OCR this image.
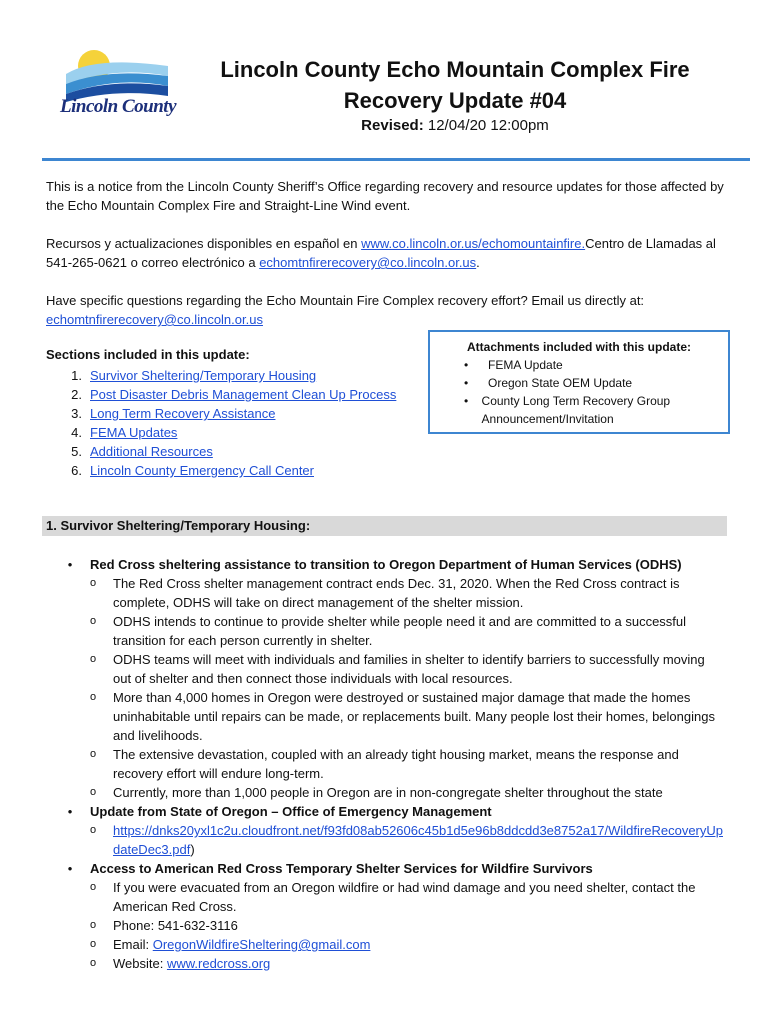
Lincoln County
Lincoln County Echo Mountain Complex Fire
Recovery Update #04
Revised: 12/04/20 12:00pm
This is a notice from the Lincoln County Sheriff’s Office regarding recovery and resource updates for those affected by the Echo Mountain Complex Fire and Straight-Line Wind event.
Recursos y actualizaciones disponibles en español en www.co.lincoln.or.us/echomountainfire.Centro de Llamadas al 541-265-0621 o correo electrónico a echomtnfirerecovery@co.lincoln.or.us.
Have specific questions regarding the Echo Mountain Fire Complex recovery effort? Email us directly at:
echomtnfirerecovery@co.lincoln.or.us
Sections included in this update:
1. Survivor Sheltering/Temporary Housing
2. Post Disaster Debris Management Clean Up Process
3. Long Term Recovery Assistance
4. FEMA Updates
5. Additional Resources
6. Lincoln County Emergency Call Center
Attachments included with this update:
•	FEMA Update
•	Oregon State OEM Update
•	County Long Term Recovery Group Announcement/Invitation
1. Survivor Sheltering/Temporary Housing:
•	Red Cross sheltering assistance to transition to Oregon Department of Human Services (ODHS)
o	The Red Cross shelter management contract ends Dec. 31, 2020. When the Red Cross contract is complete, ODHS will take on direct management of the shelter mission.
o	ODHS intends to continue to provide shelter while people need it and are committed to a successful transition for each person currently in shelter.
o	ODHS teams will meet with individuals and families in shelter to identify barriers to successfully moving out of shelter and then connect those individuals with local resources.
o	More than 4,000 homes in Oregon were destroyed or sustained major damage that made the homes uninhabitable until repairs can be made, or replacements built. Many people lost their homes, belongings and livelihoods.
o	The extensive devastation, coupled with an already tight housing market, means the response and recovery effort will endure long-term.
o	Currently, more than 1,000 people in Oregon are in non-congregate shelter throughout the state
•	Update from State of Oregon – Office of Emergency Management
o	https://dnks20yxl1c2u.cloudfront.net/f93fd08ab52606c45b1d5e96b8ddcdd3e8752a17/WildfireRecoveryUpdateDec3.pdf)
•	Access to American Red Cross Temporary Shelter Services for Wildfire Survivors
o	If you were evacuated from an Oregon wildfire or had wind damage and you need shelter, contact the American Red Cross.
o	Phone: 541-632-3116
o	Email: OregonWildfireSheltering@gmail.com
o	Website: www.redcross.org
